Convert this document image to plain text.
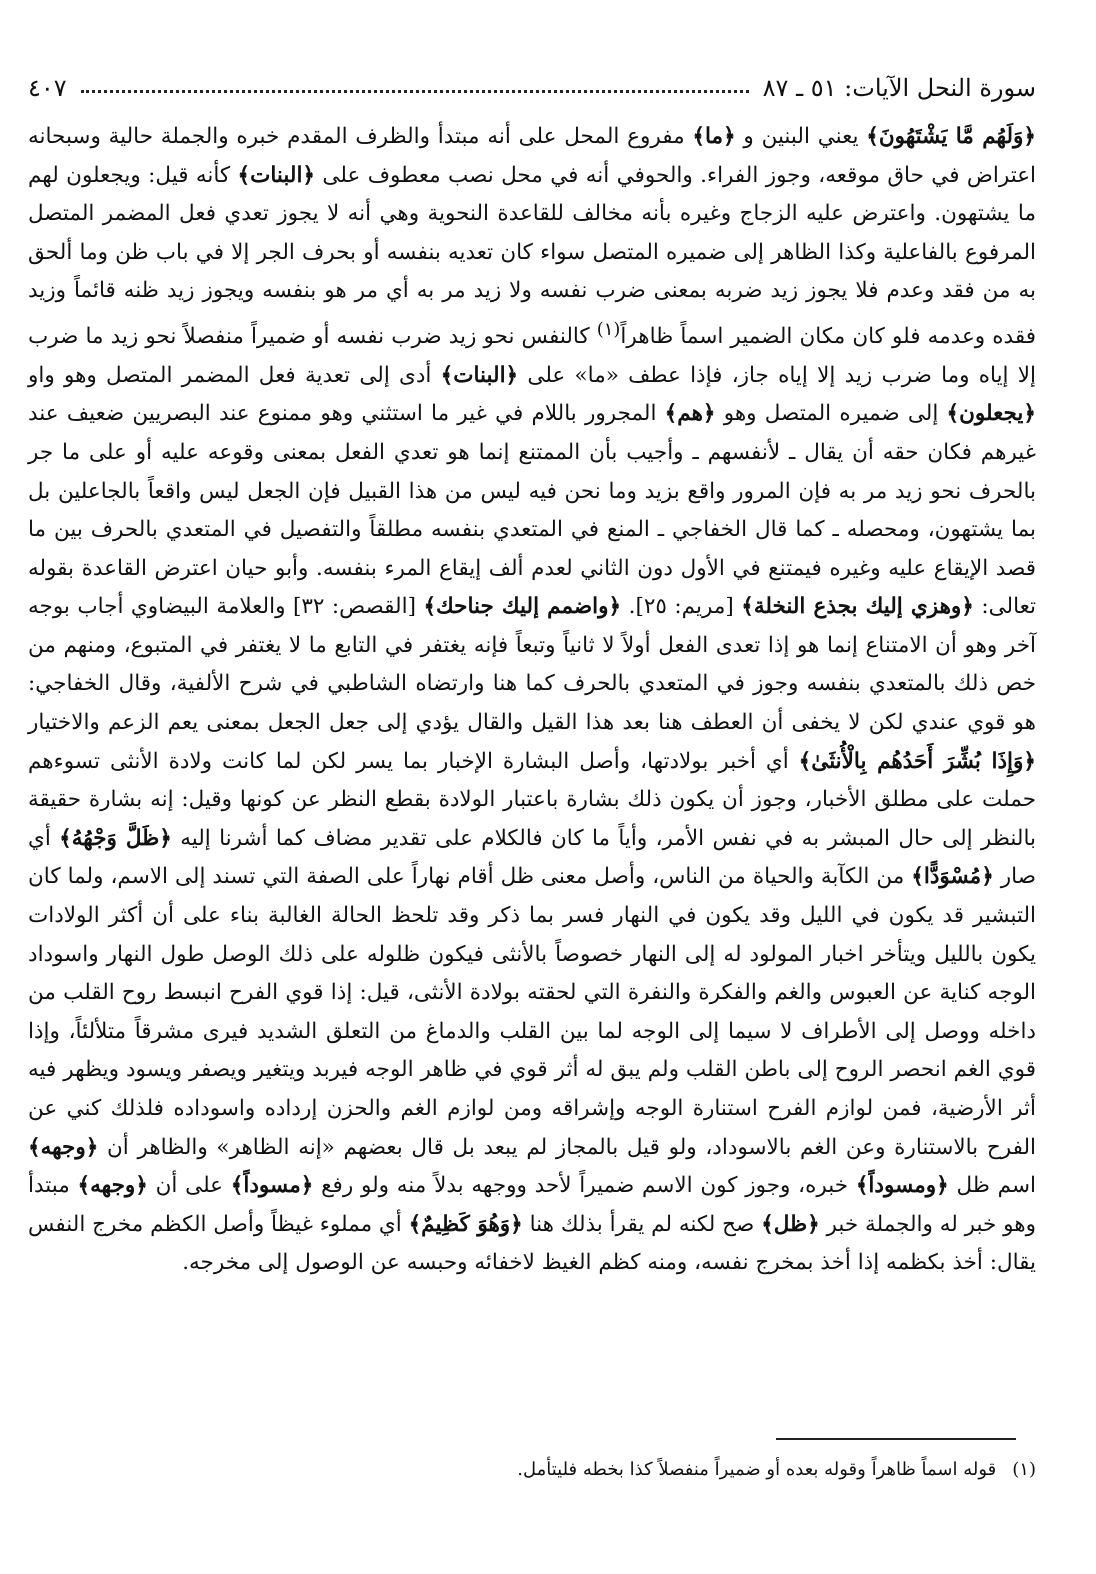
سورة النحل الآيات: ٥١ ـ ٨٧
٤٠٧
﴿وَلَهُم مَّا يَشْتَهُونَ﴾ يعني البنين و ﴿ما﴾ مفروع المحل على أنه مبتدأ والظرف المقدم خبره والجملة حالية وسبحانه اعتراض في حاق موقعه، وجوز الفراء. والحوفي أنه في محل نصب معطوف على ﴿البنات﴾ كأنه قيل: ويجعلون لهم ما يشتهون. واعترض عليه الزجاج وغيره بأنه مخالف للقاعدة النحوية وهي أنه لا يجوز تعدي فعل المضمر المتصل المرفوع بالفاعلية وكذا الظاهر إلى ضميره المتصل سواء كان تعديه بنفسه أو بحرف الجر إلا في باب ظن وما ألحق به من فقد وعدم فلا يجوز زيد ضربه بمعنى ضرب نفسه ولا زيد مر به أي مر هو بنفسه ويجوز زيد ظنه قائماً وزيد فقده وعدمه فلو كان مكان الضمير اسماً ظاهراً$^{(١)}$ كالنفس نحو زيد ضرب نفسه أو ضميراً منفصلاً نحو زيد ما ضرب إلا إياه وما ضرب زيد إلا إياه جاز، فإذا عطف «ما» على ﴿البنات﴾ أدى إلى تعدية فعل المضمر المتصل وهو واو ﴿يجعلون﴾ إلى ضميره المتصل وهو ﴿هم﴾ المجرور باللام في غير ما استثني وهو ممنوع عند البصريين ضعيف عند غيرهم فكان حقه أن يقال ـ لأنفسهم ـ وأجيب بأن الممتنع إنما هو تعدي الفعل بمعنى وقوعه عليه أو على ما جر بالحرف نحو زيد مر به فإن المرور واقع بزيد وما نحن فيه ليس من هذا القبيل فإن الجعل ليس واقعاً بالجاعلين بل بما يشتهون، ومحصله ـ كما قال الخفاجي ـ المنع في المتعدي بنفسه مطلقاً والتفصيل في المتعدي بالحرف بين ما قصد الإيقاع عليه وغيره فيمتنع في الأول دون الثاني لعدم ألف إيقاع المرء بنفسه. وأبو حيان اعترض القاعدة بقوله تعالى: ﴿وهزي إليك بجذع النخلة﴾ [مريم: ٢٥]. ﴿واضمم إليك جناحك﴾ [القصص: ٣٢] والعلامة البيضاوي أجاب بوجه آخر وهو أن الامتناع إنما هو إذا تعدى الفعل أولاً لا ثانياً وتبعاً فإنه يغتفر في التابع ما لا يغتفر في المتبوع، ومنهم من خص ذلك بالمتعدي بنفسه وجوز في المتعدي بالحرف كما هنا وارتضاه الشاطبي في شرح الألفية، وقال الخفاجي: هو قوي عندي لكن لا يخفى أن العطف هنا بعد هذا القيل والقال يؤدي إلى جعل الجعل بمعنى يعم الزعم والاختيار ﴿وَإِذَا بُشِّرَ أَحَدُهُم بِالْأُنثَىٰ﴾ أي أخبر بولادتها، وأصل البشارة الإخبار بما يسر لكن لما كانت ولادة الأنثى تسوءهم حملت على مطلق الأخبار، وجوز أن يكون ذلك بشارة باعتبار الولادة بقطع النظر عن كونها وقيل: إنه بشارة حقيقة بالنظر إلى حال المبشر به في نفس الأمر، وأياً ما كان فالكلام على تقدير مضاف كما أشرنا إليه ﴿ظَلَّ وَجْهُهُ﴾ أي صار ﴿مُسْوَدًّا﴾ من الكآبة والحياة من الناس، وأصل معنى ظل أقام نهاراً على الصفة التي تسند إلى الاسم، ولما كان التبشير قد يكون في الليل وقد يكون في النهار فسر بما ذكر وقد تلحظ الحالة الغالبة بناء على أن أكثر الولادات يكون بالليل ويتأخر اخبار المولود له إلى النهار خصوصاً بالأنثى فيكون ظلوله على ذلك الوصل طول النهار واسوداد الوجه كناية عن العبوس والغم والفكرة والنفرة التي لحقته بولادة الأنثى، قيل: إذا قوي الفرح انبسط روح القلب من داخله ووصل إلى الأطراف لا سيما إلى الوجه لما بين القلب والدماغ من التعلق الشديد فيرى مشرقاً متلألئاً، وإذا قوي الغم انحصر الروح إلى باطن القلب ولم يبق له أثر قوي في ظاهر الوجه فيربد ويتغير ويصفر ويسود ويظهر فيه أثر الأرضية، فمن لوازم الفرح استنارة الوجه وإشراقه ومن لوازم الغم والحزن إرداده واسوداده فلذلك كني عن الفرح بالاستنارة وعن الغم بالاسوداد، ولو قيل بالمجاز لم يبعد بل قال بعضهم «إنه الظاهر» والظاهر أن ﴿وجهه﴾ اسم ظل ﴿ومسوداً﴾ خبره، وجوز كون الاسم ضميراً لأحد ووجهه بدلاً منه ولو رفع ﴿مسوداً﴾ على أن ﴿وجهه﴾ مبتدأ وهو خبر له والجملة خبر ﴿ظل﴾ صح لكنه لم يقرأ بذلك هنا ﴿وَهُوَ كَظِيمٌ﴾ أي مملوء غيظاً وأصل الكظم مخرج النفس يقال: أخذ بكظمه إذا أخذ بمخرج نفسه، ومنه كظم الغيظ لاخفائه وحبسه عن الوصول إلى مخرجه.
(١)قوله اسماً ظاهراً وقوله بعده أو ضميراً منفصلاً كذا بخطه فليتأمل.
